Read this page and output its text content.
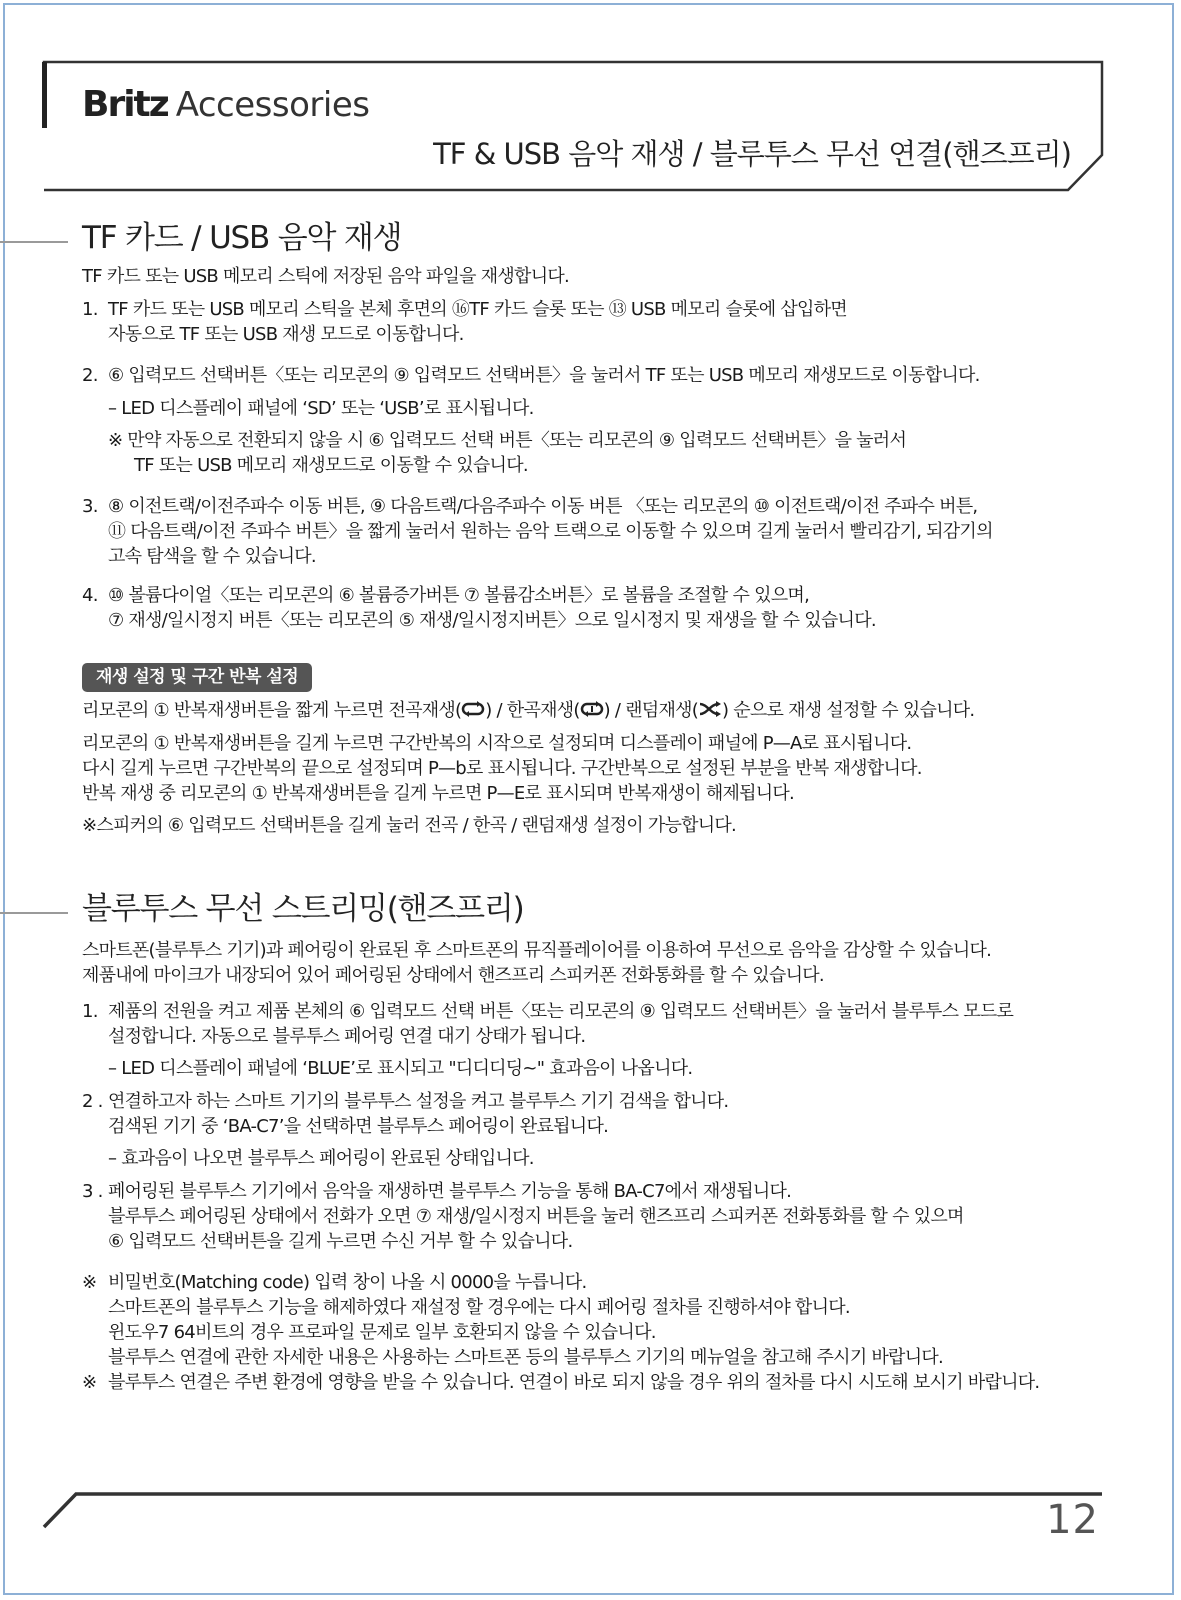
Britz Accessories
TF & USB 음악 재생 / 블루투스 무선 연결(핸즈프리)
TF 카드 / USB 음악 재생
TF 카드 또는 USB 메모리 스틱에 저장된 음악 파일을 재생합니다.
1. TF 카드 또는 USB 메모리 스틱을 본체 후면의 ⑯TF 카드 슬롯 또는 ⑬ USB 메모리 슬롯에 삽입하면
자동으로 TF 또는 USB 재생 모드로 이동합니다.
2. ⑥ 입력모드 선택버튼〈또는 리모콘의 ⑨ 입력모드 선택버튼〉을 눌러서 TF 또는 USB 메모리 재생모드로 이동합니다.
– LED 디스플레이 패널에 ‘SD’ 또는 ‘USB’로 표시됩니다.
※ 만약 자동으로 전환되지 않을 시 ⑥ 입력모드 선택 버튼〈또는 리모콘의 ⑨ 입력모드 선택버튼〉을 눌러서
TF 또는 USB 메모리 재생모드로 이동할 수 있습니다.
3. ⑧ 이전트랙/이전주파수 이동 버튼, ⑨ 다음트랙/다음주파수 이동 버튼 〈또는 리모콘의 ⑩ 이전트랙/이전 주파수 버튼,
⑪ 다음트랙/이전 주파수 버튼〉을 짧게 눌러서 원하는 음악 트랙으로 이동할 수 있으며 길게 눌러서 빨리감기, 되감기의
고속 탐색을 할 수 있습니다.
4. ⑩ 볼륨다이얼〈또는 리모콘의 ⑥ 볼륨증가버튼 ⑦ 볼륨감소버튼〉로 볼륨을 조절할 수 있으며,
⑦ 재생/일시정지 버튼〈또는 리모콘의 ⑤ 재생/일시정지버튼〉으로 일시정지 및 재생을 할 수 있습니다.
재생 설정 및 구간 반복 설정
리모콘의 ① 반복재생버튼을 짧게 누르면 전곡재생( ) / 한곡재생( ) / 랜덤재생( ) 순으로 재생 설정할 수 있습니다.
리모콘의 ① 반복재생버튼을 길게 누르면 구간반복의 시작으로 설정되며 디스플레이 패널에 P—A로 표시됩니다.
다시 길게 누르면 구간반복의 끝으로 설정되며 P—b로 표시됩니다. 구간반복으로 설정된 부분을 반복 재생합니다.
반복 재생 중 리모콘의 ① 반복재생버튼을 길게 누르면 P—E로 표시되며 반복재생이 해제됩니다.
※스피커의 ⑥ 입력모드 선택버튼을 길게 눌러 전곡 / 한곡 / 랜덤재생 설정이 가능합니다.
블루투스 무선 스트리밍(핸즈프리)
스마트폰(블루투스 기기)과 페어링이 완료된 후 스마트폰의 뮤직플레이어를 이용하여 무선으로 음악을 감상할 수 있습니다.
제품내에 마이크가 내장되어 있어 페어링된 상태에서 핸즈프리 스피커폰 전화통화를 할 수 있습니다.
1. 제품의 전원을 켜고 제품 본체의 ⑥ 입력모드 선택 버튼〈또는 리모콘의 ⑨ 입력모드 선택버튼〉을 눌러서 블루투스 모드로
설정합니다. 자동으로 블루투스 페어링 연결 대기 상태가 됩니다.
– LED 디스플레이 패널에 ‘BLUE’로 표시되고 "디디디딩~" 효과음이 나옵니다.
2 . 연결하고자 하는 스마트 기기의 블루투스 설정을 켜고 블루투스 기기 검색을 합니다.
검색된 기기 중 ‘BA-C7’을 선택하면 블루투스 페어링이 완료됩니다.
– 효과음이 나오면 블루투스 페어링이 완료된 상태입니다.
3 . 페어링된 블루투스 기기에서 음악을 재생하면 블루투스 기능을 통해 BA-C7에서 재생됩니다.
블루투스 페어링된 상태에서 전화가 오면 ⑦ 재생/일시정지 버튼을 눌러 핸즈프리 스피커폰 전화통화를 할 수 있으며
⑥ 입력모드 선택버튼을 길게 누르면 수신 거부 할 수 있습니다.
※ 비밀번호(Matching code) 입력 창이 나올 시 0000을 누릅니다.
스마트폰의 블루투스 기능을 해제하였다 재설정 할 경우에는 다시 페어링 절차를 진행하셔야 합니다.
윈도우7 64비트의 경우 프로파일 문제로 일부 호환되지 않을 수 있습니다.
블루투스 연결에 관한 자세한 내용은 사용하는 스마트폰 등의 블루투스 기기의 메뉴얼을 참고해 주시기 바랍니다.
※ 블루투스 연결은 주변 환경에 영향을 받을 수 있습니다. 연결이 바로 되지 않을 경우 위의 절차를 다시 시도해 보시기 바랍니다.
12
